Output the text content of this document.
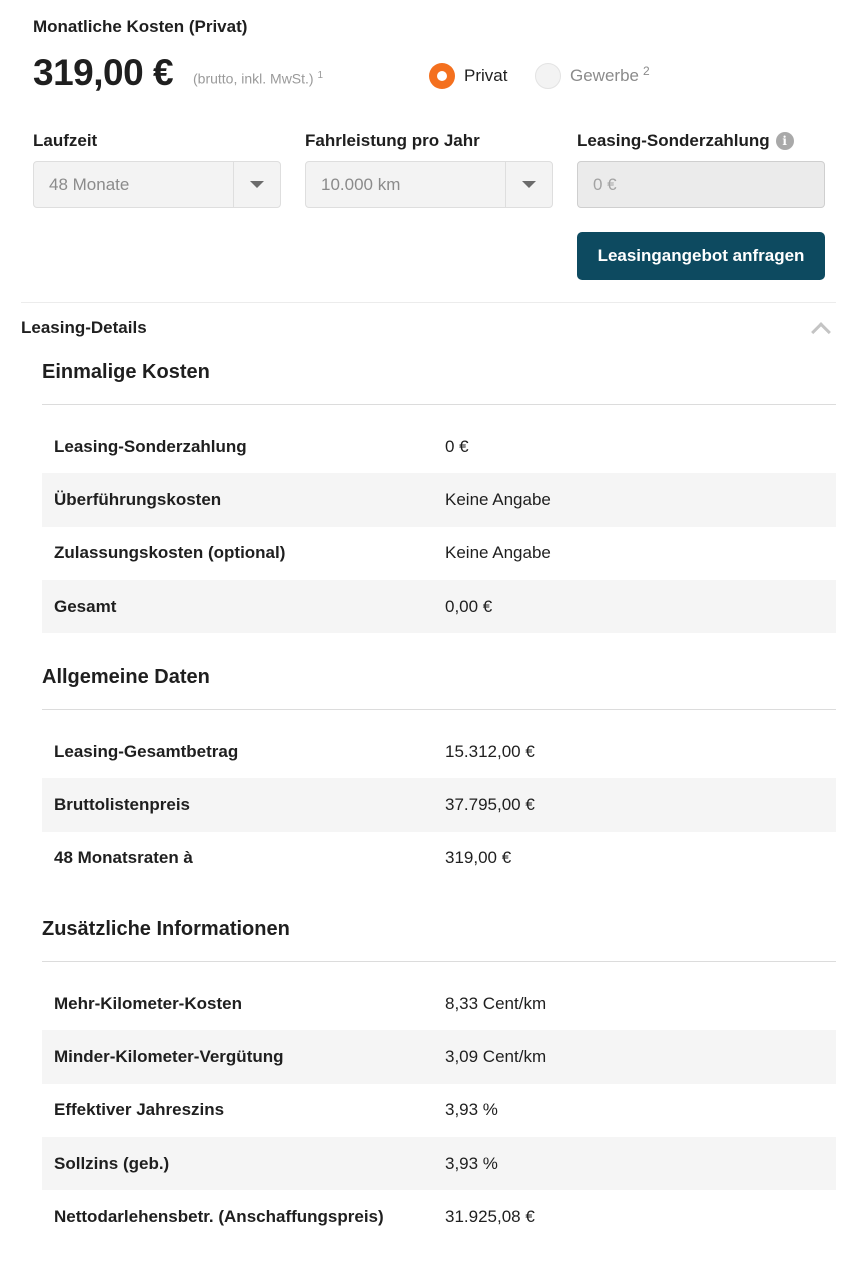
Monatliche Kosten (Privat)
319,00 € (brutto, inkl. MwSt.) $^1$	Privat	Gewerbe $^2$
Laufzeit	Fahrleistung pro Jahr	Leasing-Sonderzahlung	i
48 Monate	10.000 km	0 €
Leasingangebot anfragen
Leasing-Details
Einmalige Kosten
Leasing-Sonderzahlung	0 €
Überführungskosten	Keine Angabe
Zulassungskosten (optional)	Keine Angabe
Gesamt	0,00 €
Allgemeine Daten
Leasing-Gesamtbetrag	15.312,00 €
Bruttolistenpreis	37.795,00 €
48 Monatsraten à	319,00 €
Zusätzliche Informationen
Mehr-Kilometer-Kosten	8,33 Cent/km
Minder-Kilometer-Vergütung	3,09 Cent/km
Effektiver Jahreszins	3,93 %
Sollzins (geb.)	3,93 %
Nettodarlehensbetr. (Anschaffungspreis)	31.925,08 €
